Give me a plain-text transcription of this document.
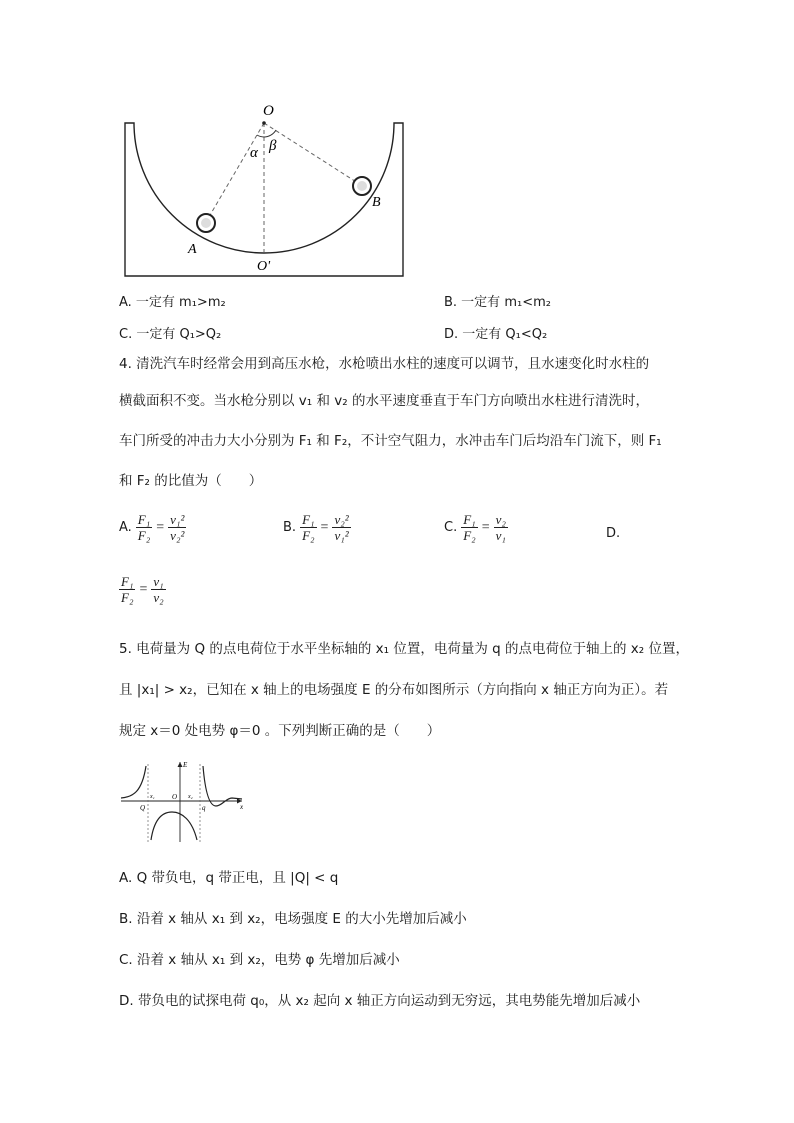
O
α β
B
A
O'
A. 一定有 m₁>m₂	B. 一定有 m₁<m₂
C. 一定有 Q₁>Q₂	D. 一定有 Q₁<Q₂
4. 清洗汽车时经常会用到高压水枪，水枪喷出水柱的速度可以调节，且水速变化时水柱的
横截面积不变。当水枪分别以 v₁ 和 v₂ 的水平速度垂直于车门方向喷出水柱进行清洗时，
车门所受的冲击力大小分别为 F₁ 和 F₂，不计空气阻力，水冲击车门后均沿车门流下，则 F₁
和 F₂ 的比值为（　　）
A. $\frac{\text{F₁}}{\text{F₂}} = \frac{\text{v₁²}}{\text{v₂²}}$	B. $\frac{\text{F₁}}{\text{F₂}} = \frac{\text{v₂²}}{\text{v₁²}}$	C. $\frac{\text{F₁}}{\text{F₂}} = \frac{\text{v₂}}{\text{v₁}}$	D.
$\frac{\text{F₁}}{\text{F₂}} = \frac{\text{v₁}}{\text{v₂}}$
5. 电荷量为 Q 的点电荷位于水平坐标轴的 x₁ 位置，电荷量为 q 的点电荷位于轴上的 x₂ 位置，
且 |x₁| > x₂，已知在 x 轴上的电场强度 E 的分布如图所示（方向指向 x 轴正方向为正）。若
规定 x＝0 处电势 φ＝0 。下列判断正确的是（　　）
E
x
x₁ O x₂
Q	q
A. Q 带负电，q 带正电，且 |Q| < q
B. 沿着 x 轴从 x₁ 到 x₂，电场强度 E 的大小先增加后减小
C. 沿着 x 轴从 x₁ 到 x₂，电势 φ 先增加后减小
D. 带负电的试探电荷 q₀，从 x₂ 起向 x 轴正方向运动到无穷远，其电势能先增加后减小
